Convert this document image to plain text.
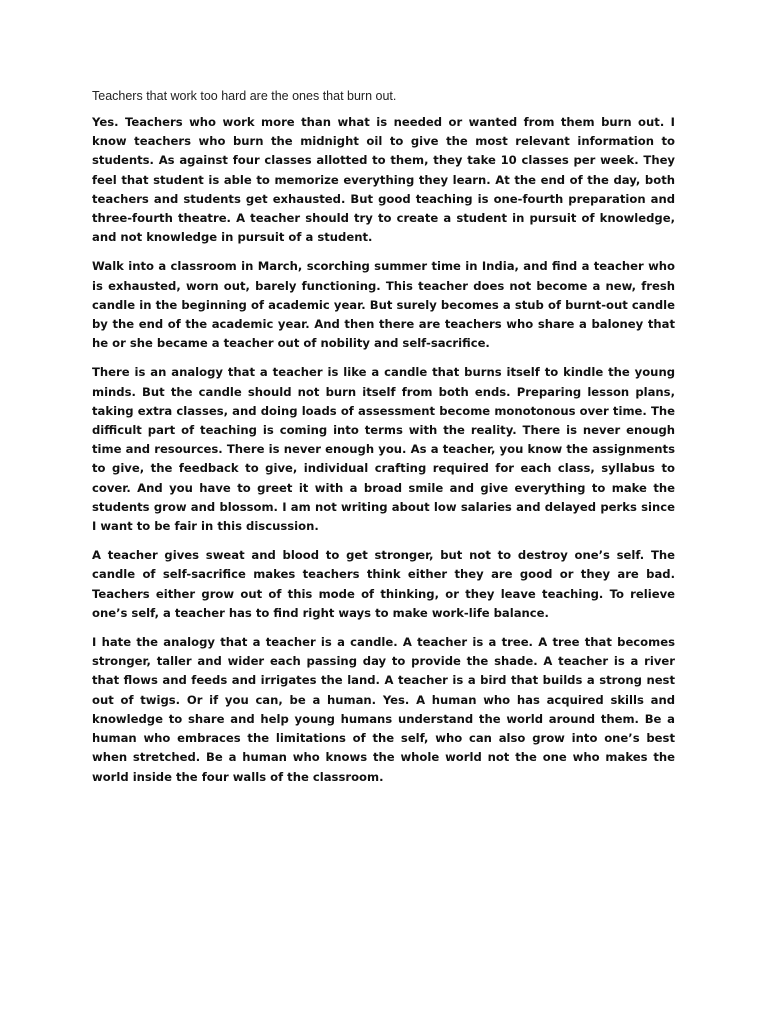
Teachers that work too hard are the ones that burn out.

Yes. Teachers who work more than what is needed or wanted from them burn out. I know teachers who burn the midnight oil to give the most relevant information to students. As against four classes allotted to them, they take 10 classes per week. They feel that student is able to memorize everything they learn. At the end of the day, both teachers and students get exhausted. But good teaching is one-fourth preparation and three-fourth theatre. A teacher should try to create a student in pursuit of knowledge, and not knowledge in pursuit of a student.

Walk into a classroom in March, scorching summer time in India, and find a teacher who is exhausted, worn out, barely functioning. This teacher does not become a new, fresh candle in the beginning of academic year. But surely becomes a stub of burnt-out candle by the end of the academic year. And then there are teachers who share a baloney that he or she became a teacher out of nobility and self-sacrifice.

There is an analogy that a teacher is like a candle that burns itself to kindle the young minds. But the candle should not burn itself from both ends. Preparing lesson plans, taking extra classes, and doing loads of assessment become monotonous over time. The difficult part of teaching is coming into terms with the reality. There is never enough time and resources. There is never enough you. As a teacher, you know the assignments to give, the feedback to give, individual crafting required for each class, syllabus to cover. And you have to greet it with a broad smile and give everything to make the students grow and blossom. I am not writing about low salaries and delayed perks since I want to be fair in this discussion.

A teacher gives sweat and blood to get stronger, but not to destroy one’s self. The candle of self-sacrifice makes teachers think either they are good or they are bad. Teachers either grow out of this mode of thinking, or they leave teaching. To relieve one’s self, a teacher has to find right ways to make work-life balance.

I hate the analogy that a teacher is a candle. A teacher is a tree. A tree that becomes stronger, taller and wider each passing day to provide the shade. A teacher is a river that flows and feeds and irrigates the land. A teacher is a bird that builds a strong nest out of twigs. Or if you can, be a human. Yes. A human who has acquired skills and knowledge to share and help young humans understand the world around them. Be a human who embraces the limitations of the self, who can also grow into one’s best when stretched. Be a human who knows the whole world not the one who makes the world inside the four walls of the classroom.
